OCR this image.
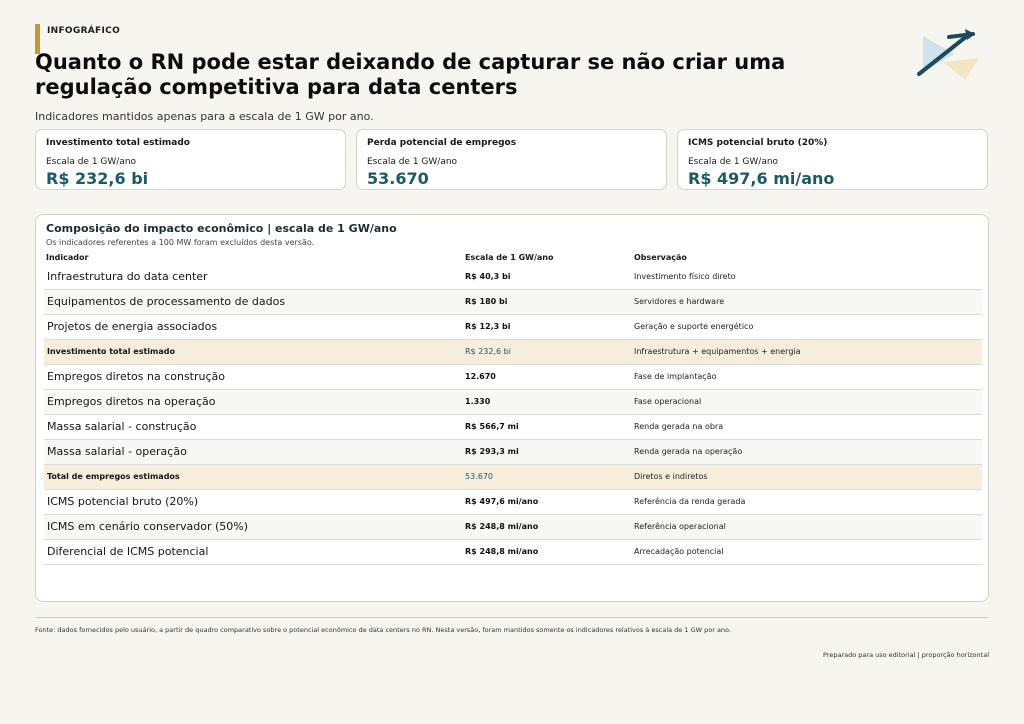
INFOGRÁFICO
Quanto o RN pode estar deixando de capturar se não criar uma regulação competitiva para data centers
Indicadores mantidos apenas para a escala de 1 GW por ano.
Investimento total estimado
Escala de 1 GW/ano
R$ 232,6 bi
Perda potencial de empregos
Escala de 1 GW/ano
53.670
ICMS potencial bruto (20%)
Escala de 1 GW/ano
R$ 497,6 mi/ano
Composição do impacto econômico | escala de 1 GW/ano
Os indicadores referentes a 100 MW foram excluídos desta versão.
Indicador	Escala de 1 GW/ano	Observação
Infraestrutura do data center	R$ 40,3 bi	Investimento físico direto
Equipamentos de processamento de dados	R$ 180 bi	Servidores e hardware
Projetos de energia associados	R$ 12,3 bi	Geração e suporte energético
Investimento total estimado	R$ 232,6 bi	Infraestrutura + equipamentos + energia
Empregos diretos na construção	12.670	Fase de implantação
Empregos diretos na operação	1.330	Fase operacional
Massa salarial - construção	R$ 566,7 mi	Renda gerada na obra
Massa salarial - operação	R$ 293,3 mi	Renda gerada na operação
Total de empregos estimados	53.670	Diretos e indiretos
ICMS potencial bruto (20%)	R$ 497,6 mi/ano	Referência da renda gerada
ICMS em cenário conservador (50%)	R$ 248,8 mi/ano	Referência operacional
Diferencial de ICMS potencial	R$ 248,8 mi/ano	Arrecadação potencial
Fonte: dados fornecidos pelo usuário, a partir de quadro comparativo sobre o potencial econômico de data centers no RN. Nesta versão, foram mantidos somente os indicadores relativos à escala de 1 GW por ano.
Preparado para uso editorial | proporção horizontal
